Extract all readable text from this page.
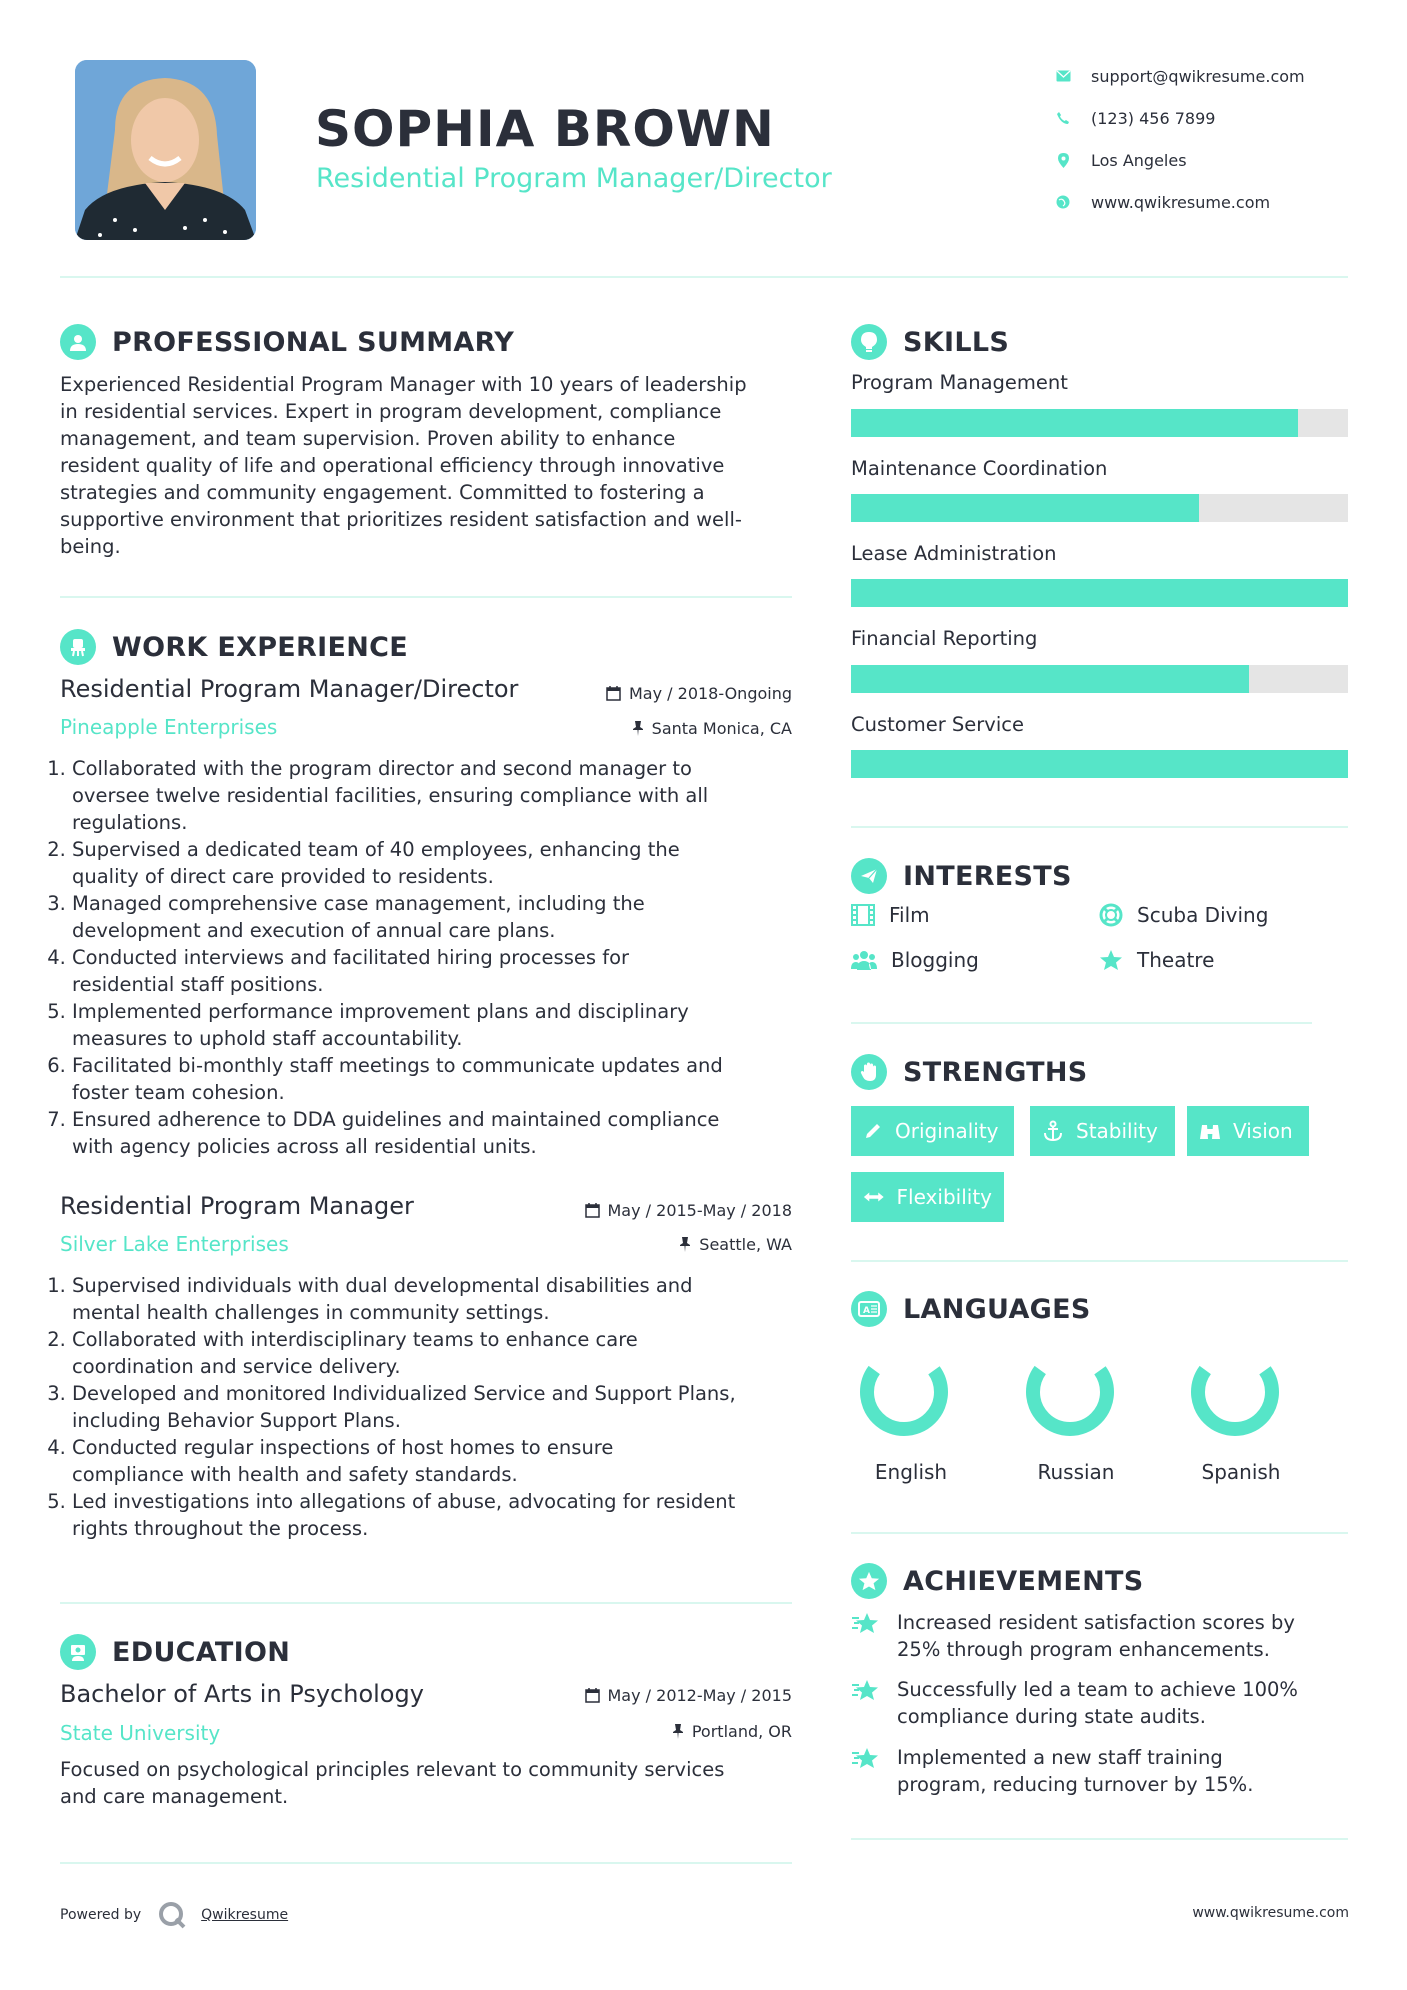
SOPHIA BROWN
Residential Program Manager/Director
support@qwikresume.com
(123) 456 7899
Los Angeles
www.qwikresume.com
PROFESSIONAL SUMMARY
Experienced Residential Program Manager with 10 years of leadership
in residential services. Expert in program development, compliance
management, and team supervision. Proven ability to enhance
resident quality of life and operational efficiency through innovative
strategies and community engagement. Committed to fostering a
supportive environment that prioritizes resident satisfaction and well-
being.
WORK EXPERIENCE
Residential Program Manager/Director
Pineapple Enterprises
May / 2018-Ongoing
Santa Monica, CA
1. Collaborated with the program director and second manager to
oversee twelve residential facilities, ensuring compliance with all
regulations.
2. Supervised a dedicated team of 40 employees, enhancing the
quality of direct care provided to residents.
3. Managed comprehensive case management, including the
development and execution of annual care plans.
4. Conducted interviews and facilitated hiring processes for
residential staff positions.
5. Implemented performance improvement plans and disciplinary
measures to uphold staff accountability.
6. Facilitated bi-monthly staff meetings to communicate updates and
foster team cohesion.
7. Ensured adherence to DDA guidelines and maintained compliance
with agency policies across all residential units.
Residential Program Manager
Silver Lake Enterprises
May / 2015-May / 2018
Seattle, WA
1. Supervised individuals with dual developmental disabilities and
mental health challenges in community settings.
2. Collaborated with interdisciplinary teams to enhance care
coordination and service delivery.
3. Developed and monitored Individualized Service and Support Plans,
including Behavior Support Plans.
4. Conducted regular inspections of host homes to ensure
compliance with health and safety standards.
5. Led investigations into allegations of abuse, advocating for resident
rights throughout the process.
EDUCATION
Bachelor of Arts in Psychology
State University
May / 2012-May / 2015
Portland, OR
Focused on psychological principles relevant to community services
and care management.
SKILLS
Program Management
Maintenance Coordination
Lease Administration
Financial Reporting
Customer Service
INTERESTS
Film	Scuba Diving
Blogging	Theatre
STRENGTHS
Originality	Stability	Vision
Flexibility
A LANGUAGES
English	Russian	Spanish
ACHIEVEMENTS
Increased resident satisfaction scores by
25% through program enhancements.
Successfully led a team to achieve 100%
compliance during state audits.
Implemented a new staff training
program, reducing turnover by 15%.
Powered by	Qwikresume	www.qwikresume.com
